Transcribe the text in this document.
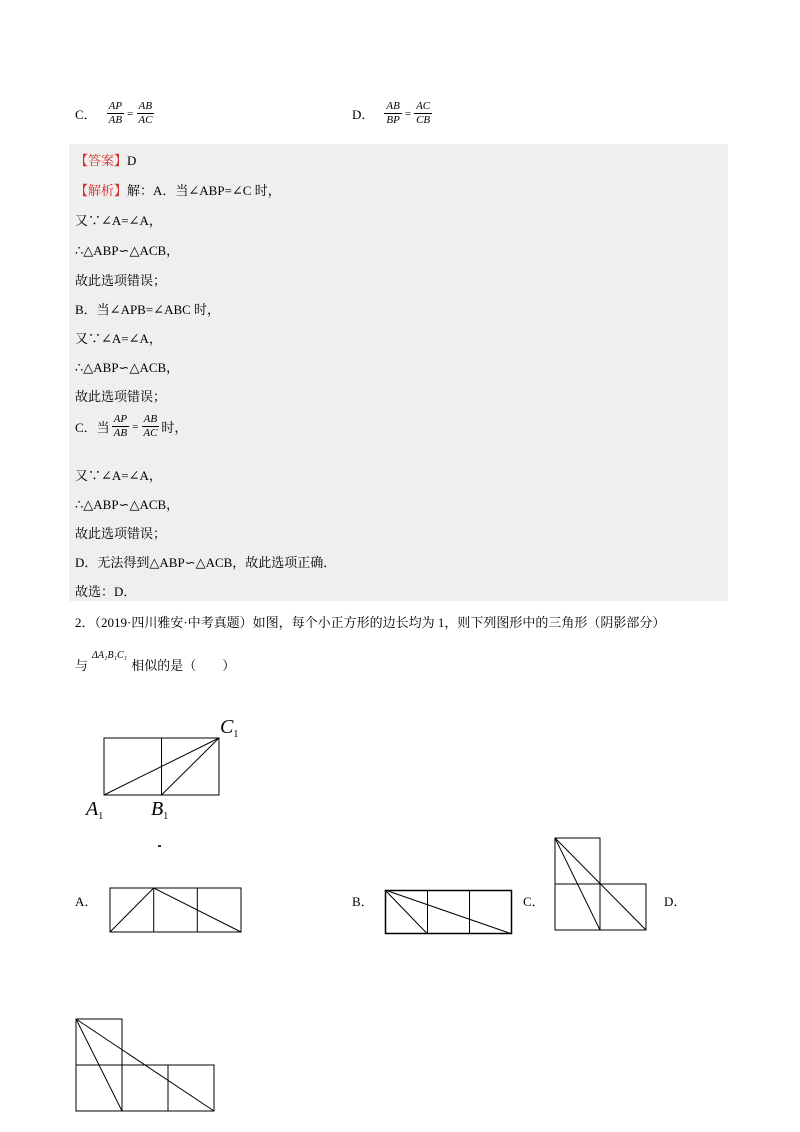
C． $\frac{AP}{AB} = \frac{AB}{AC}$	D． $\frac{AB}{BP} = \frac{AC}{CB}$
【答案】D
【解析】解：A．当∠ABP=∠C 时，
又∵∠A=∠A，
∴△ABP∽△ACB，
故此选项错误；
B．当∠APB=∠ABC 时，
又∵∠A=∠A，
∴△ABP∽△ACB，
故此选项错误；
C．当 $\frac{AP}{AB} = \frac{AB}{AC}$ 时，
又∵∠A=∠A，
∴△ABP∽△ACB，
故此选项错误；
D．无法得到△ABP∽△ACB，故此选项正确．
故选：D．
2．（2019·四川雅安·中考真题）如图，每个小正方形的边长均为 1，则下列图形中的三角形（阴影部分）
与
ΔA₁B₁C₁
相似的是（　　）
$C_1$
$A_1$ $B_1$
A．	B．	C．	D．
